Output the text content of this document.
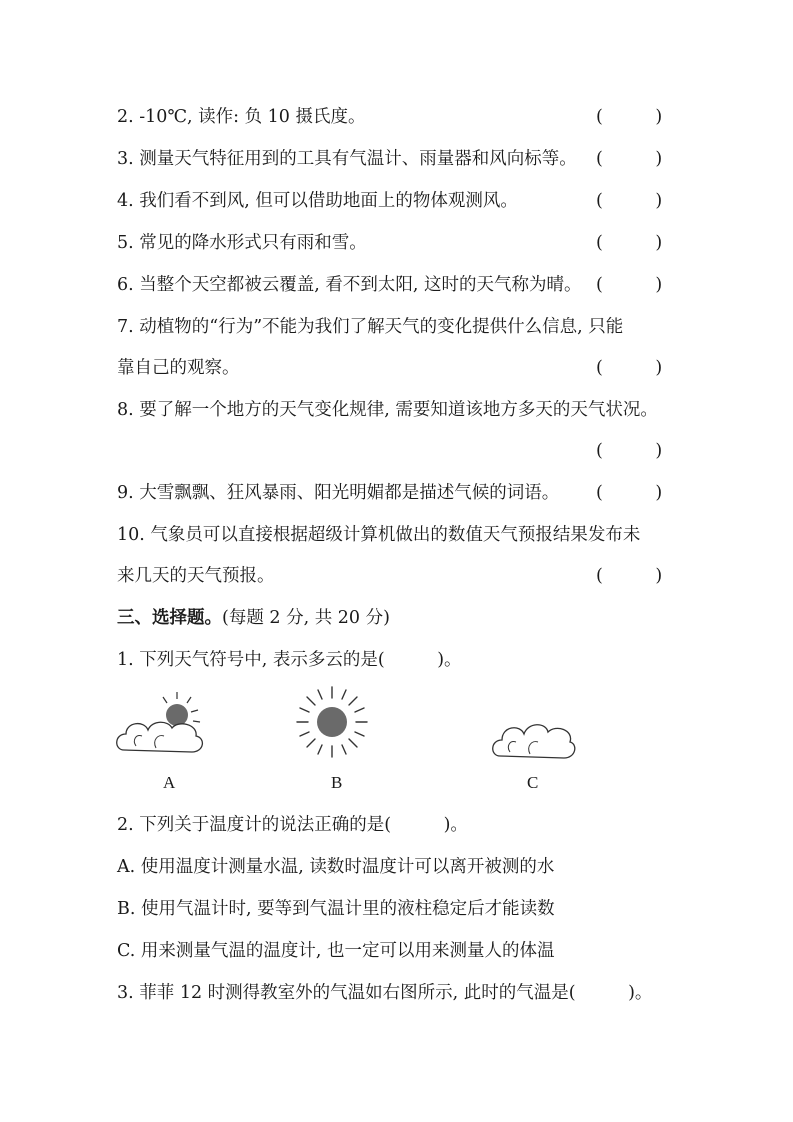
2. -10℃, 读作: 负 10 摄氏度。	(　　　)
3. 测量天气特征用到的工具有气温计、雨量器和风向标等。 (　　　)
4. 我们看不到风, 但可以借助地面上的物体观测风。	(　　　)
5. 常见的降水形式只有雨和雪。	(　　　)
6. 当整个天空都被云覆盖, 看不到太阳, 这时的天气称为晴。 (　　　)
7. 动植物的“行为”不能为我们了解天气的变化提供什么信息, 只能
靠自己的观察。	(　　　)
8. 要了解一个地方的天气变化规律, 需要知道该地方多天的天气状况。
(　　　)
9. 大雪飘飘、狂风暴雨、阳光明媚都是描述气候的词语。 (　　　)
10. 气象员可以直接根据超级计算机做出的数值天气预报结果发布未
来几天的天气预报。	(　　　)
三、选择题。(每题 2 分, 共 20 分)
1. 下列天气符号中, 表示多云的是(　　　)。
A	B	C
2. 下列关于温度计的说法正确的是(　　　)。
A. 使用温度计测量水温, 读数时温度计可以离开被测的水
B. 使用气温计时, 要等到气温计里的液柱稳定后才能读数
C. 用来测量气温的温度计, 也一定可以用来测量人的体温
3. 菲菲 12 时测得教室外的气温如右图所示, 此时的气温是(　　　)。
